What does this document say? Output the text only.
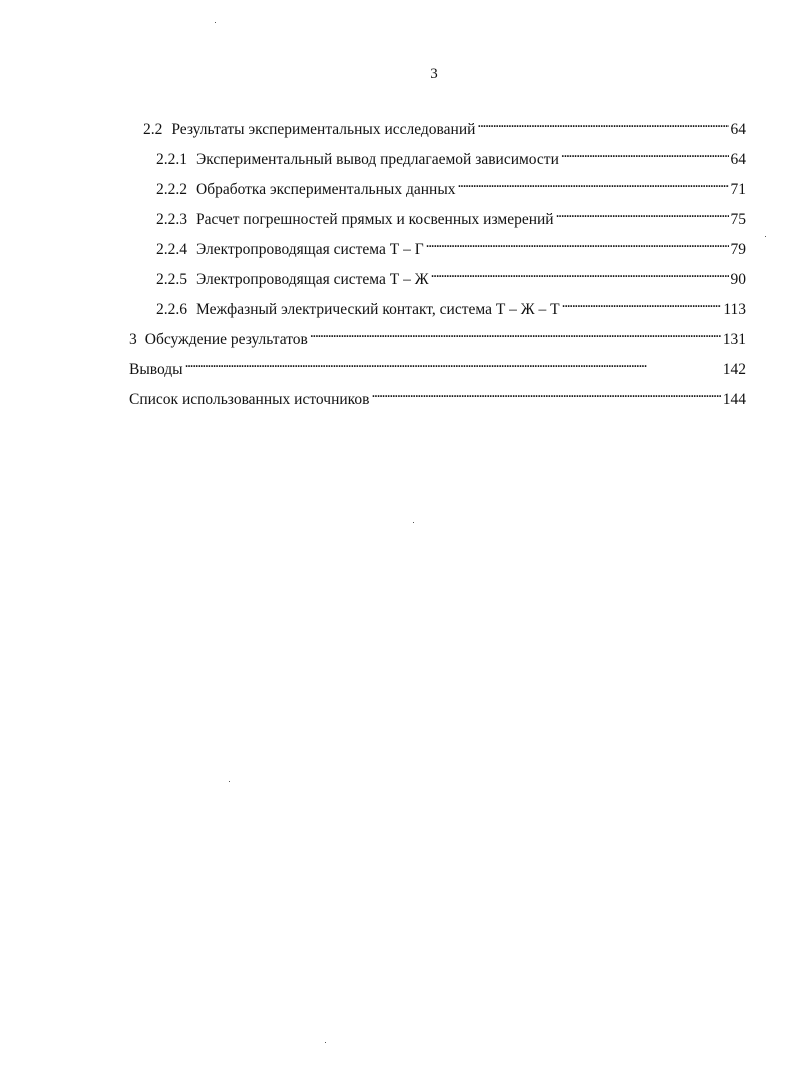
3
2.2 Результаты экспериментальных исследований . . .	64
2.2.1 Экспериментальный вывод предлагаемой зависимости . . .	64
2.2.2 Обработка экспериментальных данных . . .	71
2.2.3 Расчет погрешностей прямых и косвенных измерений . . .	75
2.2.4 Электропроводящая система Т – Г . . .	79
2.2.5 Электропроводящая система Т – Ж . . .	90
2.2.6 Межфазный электрический контакт, система Т – Ж – Т . . .	113
3 Обсуждение результатов . . .	131
Выводы . . .	142
Список использованных источников . . .	144
